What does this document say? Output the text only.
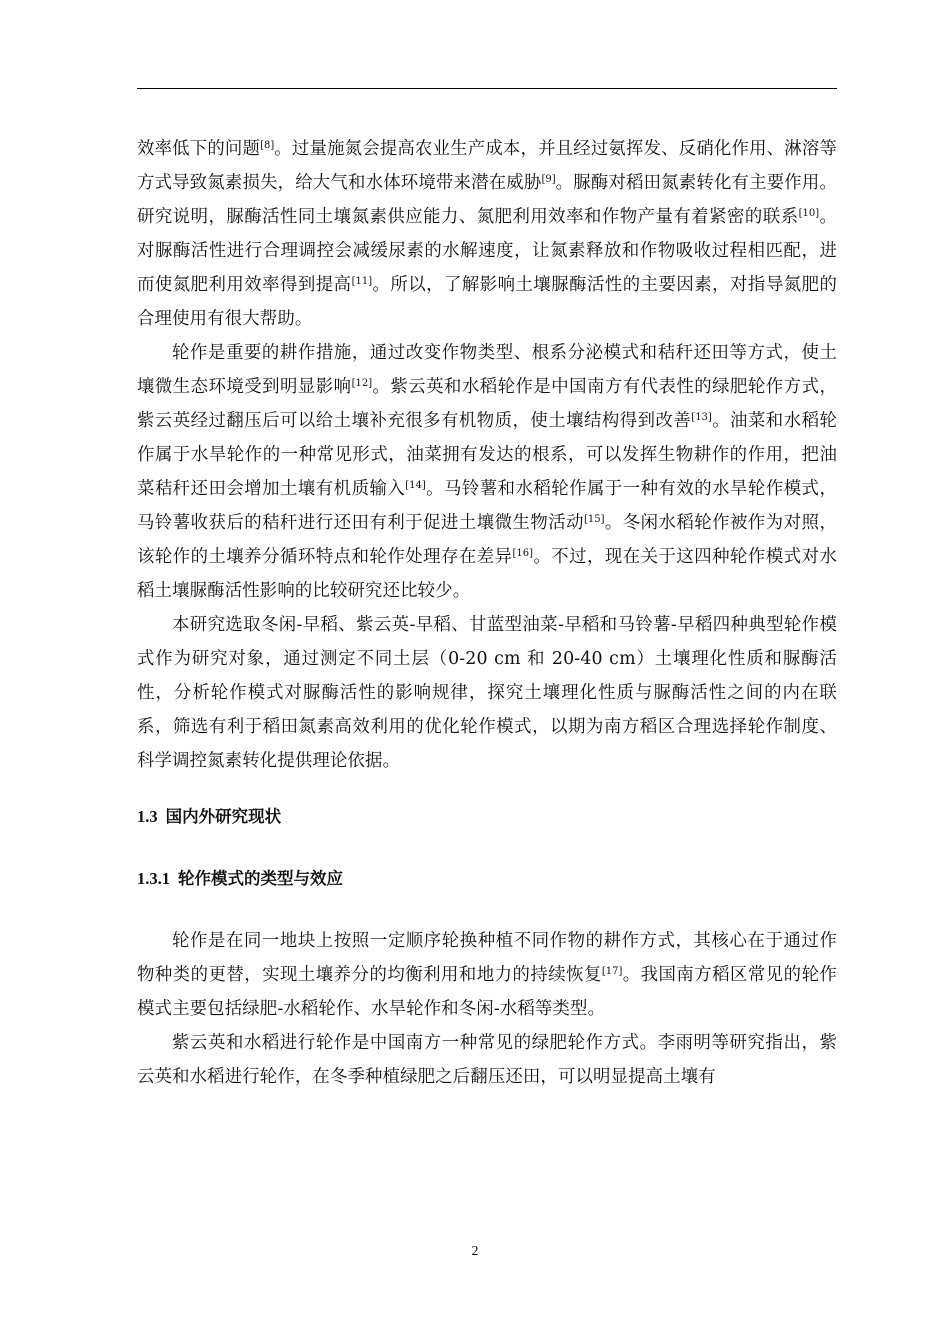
效率低下的问题[8]。过量施氮会提高农业生产成本，并且经过氨挥发、反硝化作用、淋溶等方式导致氮素损失，给大气和水体环境带来潜在威胁[9]。脲酶对稻田氮素转化有主要作用。研究说明，脲酶活性同土壤氮素供应能力、氮肥利用效率和作物产量有着紧密的联系[10]。对脲酶活性进行合理调控会减缓尿素的水解速度，让氮素释放和作物吸收过程相匹配，进而使氮肥利用效率得到提高[11]。所以，了解影响土壤脲酶活性的主要因素，对指导氮肥的合理使用有很大帮助。

轮作是重要的耕作措施，通过改变作物类型、根系分泌模式和秸秆还田等方式，使土壤微生态环境受到明显影响[12]。紫云英和水稻轮作是中国南方有代表性的绿肥轮作方式，紫云英经过翻压后可以给土壤补充很多有机物质，使土壤结构得到改善[13]。油菜和水稻轮作属于水旱轮作的一种常见形式，油菜拥有发达的根系，可以发挥生物耕作的作用，把油菜秸秆还田会增加土壤有机质输入[14]。马铃薯和水稻轮作属于一种有效的水旱轮作模式，马铃薯收获后的秸秆进行还田有利于促进土壤微生物活动[15]。冬闲水稻轮作被作为对照，该轮作的土壤养分循环特点和轮作处理存在差异[16]。不过，现在关于这四种轮作模式对水稻土壤脲酶活性影响的比较研究还比较少。

本研究选取冬闲-早稻、紫云英-早稻、甘蓝型油菜-早稻和马铃薯-早稻四种典型轮作模式作为研究对象，通过测定不同土层（0-20 cm 和 20-40 cm）土壤理化性质和脲酶活性，分析轮作模式对脲酶活性的影响规律，探究土壤理化性质与脲酶活性之间的内在联系，筛选有利于稻田氮素高效利用的优化轮作模式，以期为南方稻区合理选择轮作制度、科学调控氮素转化提供理论依据。

1.3 国内外研究现状
1.3.1 轮作模式的类型与效应

轮作是在同一地块上按照一定顺序轮换种植不同作物的耕作方式，其核心在于通过作物种类的更替，实现土壤养分的均衡利用和地力的持续恢复[17]。我国南方稻区常见的轮作模式主要包括绿肥-水稻轮作、水旱轮作和冬闲-水稻等类型。

紫云英和水稻进行轮作是中国南方一种常见的绿肥轮作方式。李雨明等研究指出，紫云英和水稻进行轮作，在冬季种植绿肥之后翻压还田，可以明显提高土壤有

2
